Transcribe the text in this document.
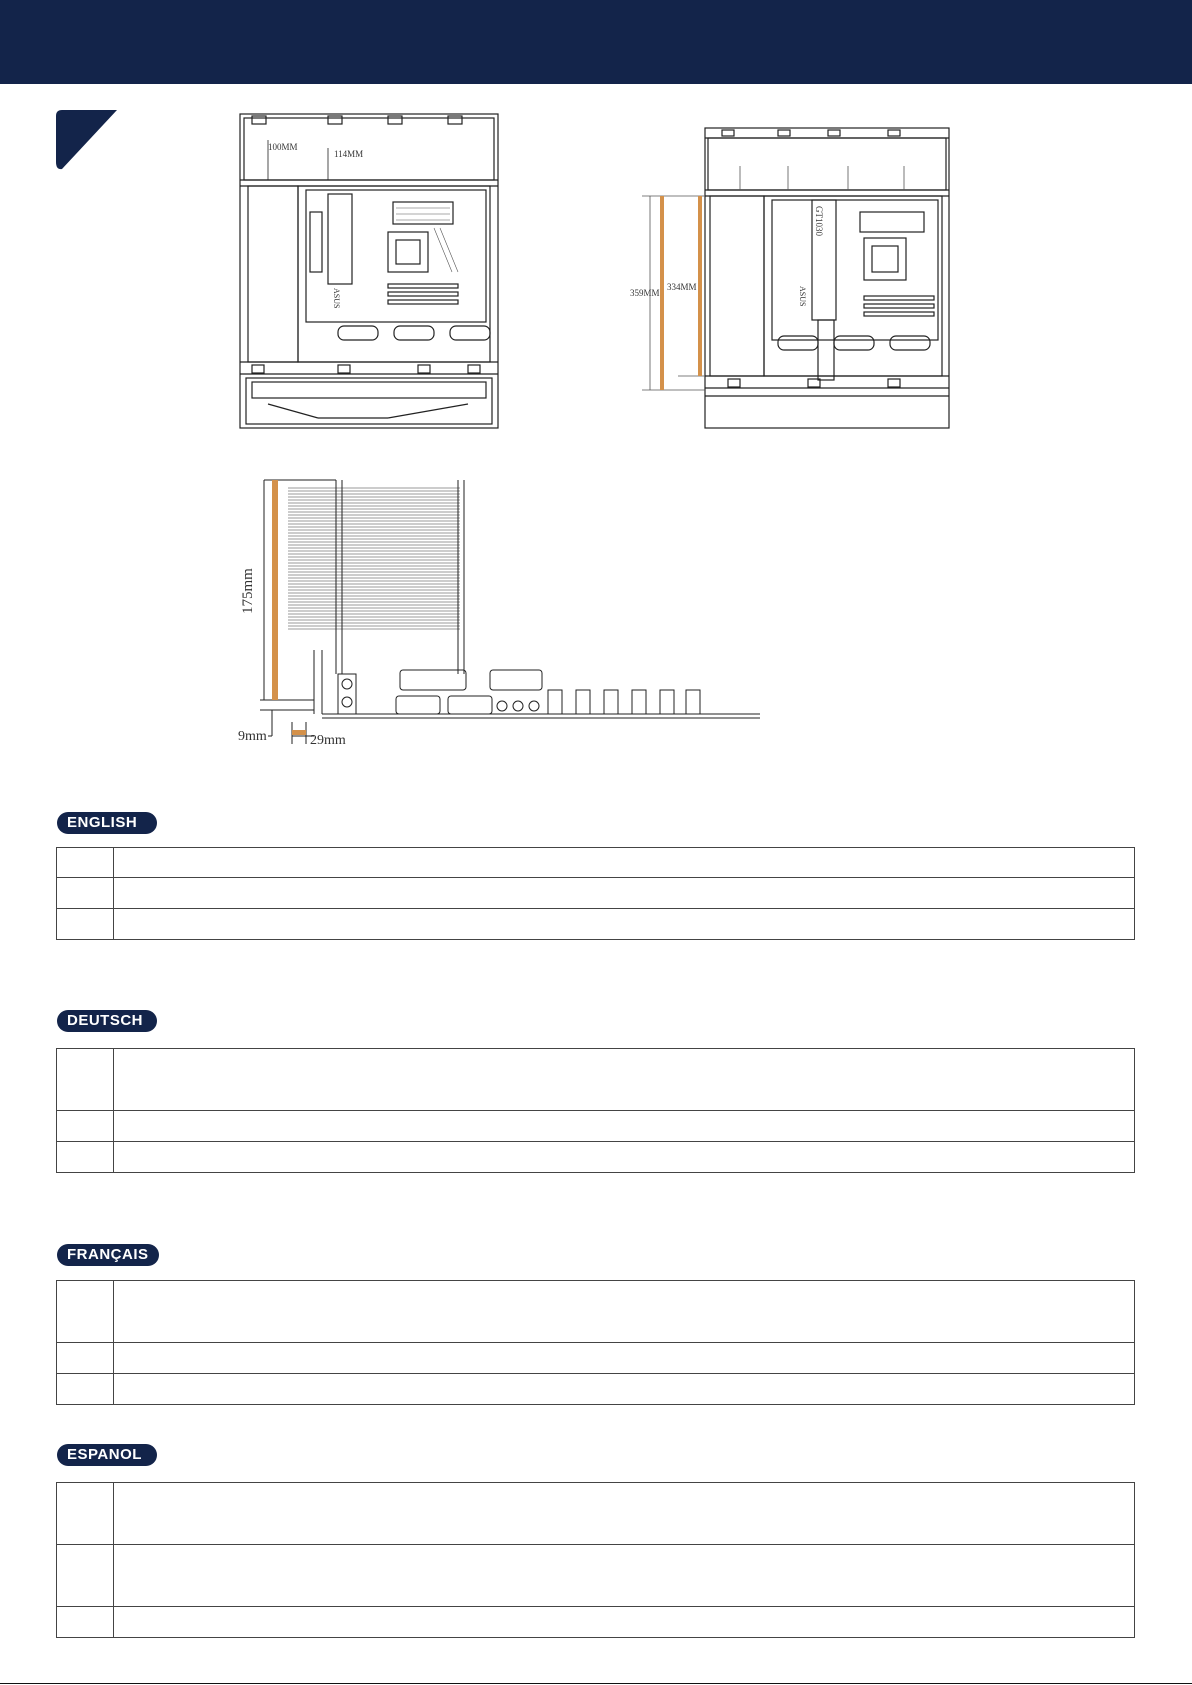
100MM
114MM
ASUS	359MM
334MM
GT1030
ASUS
175mm
9mm	29mm
ENGLISH

DEUTSCH

FRANÇAIS

ESPANOL
